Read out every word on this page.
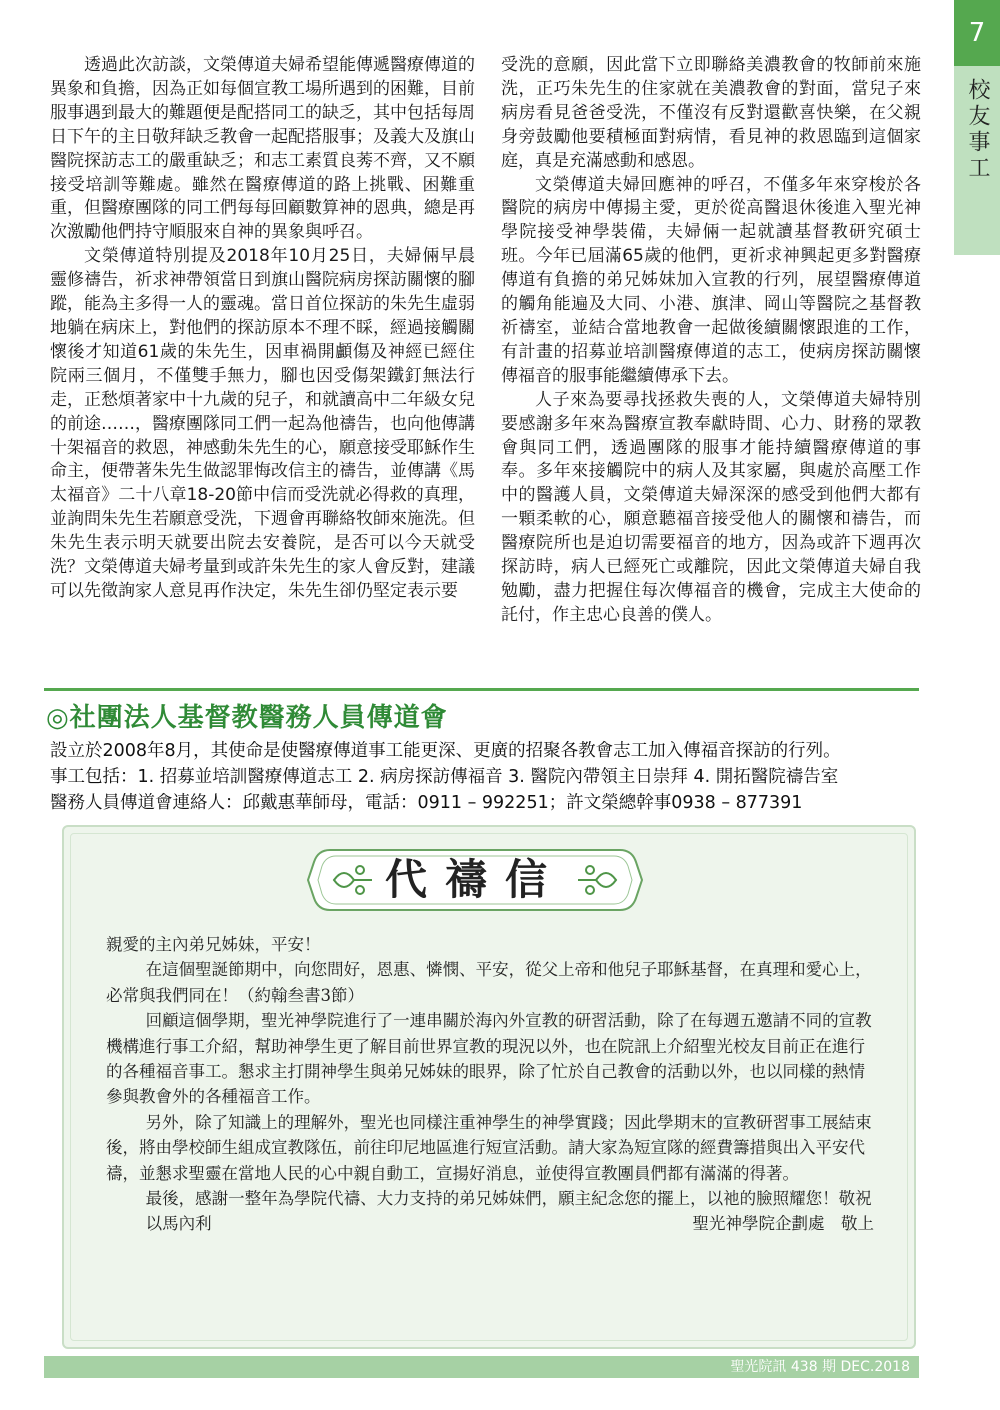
7
校友事工

透過此次訪談，文榮傳道夫婦希望能傳遞醫療傳道的異象和負擔，因為正如每個宣教工場所遇到的困難，目前服事遇到最大的難題便是配搭同工的缺乏，其中包括每周日下午的主日敬拜缺乏教會一起配搭服事；及義大及旗山醫院探訪志工的嚴重缺乏；和志工素質良莠不齊，又不願接受培訓等難處。雖然在醫療傳道的路上挑戰、困難重重，但醫療團隊的同工們每每回顧數算神的恩典，總是再次激勵他們持守順服來自神的異象與呼召。

文榮傳道特別提及2018年10月25日，夫婦倆早晨靈修禱告，祈求神帶領當日到旗山醫院病房探訪關懷的腳蹤，能為主多得一人的靈魂。當日首位探訪的朱先生虛弱地躺在病床上，對他們的探訪原本不理不睬，經過接觸關懷後才知道61歲的朱先生，因車禍開顱傷及神經已經住院兩三個月，不僅雙手無力，腳也因受傷架鐵釘無法行走，正愁煩著家中十九歲的兒子，和就讀高中二年級女兒的前途……，醫療團隊同工們一起為他禱告，也向他傳講十架福音的救恩，神感動朱先生的心，願意接受耶穌作生命主，便帶著朱先生做認罪悔改信主的禱告，並傳講《馬太福音》二十八章18-20節中信而受洗就必得救的真理，並詢問朱先生若願意受洗，下週會再聯絡牧師來施洗。但朱先生表示明天就要出院去安養院，是否可以今天就受洗？文榮傳道夫婦考量到或許朱先生的家人會反對，建議可以先徵詢家人意見再作決定，朱先生卻仍堅定表示要

受洗的意願，因此當下立即聯絡美濃教會的牧師前來施洗，正巧朱先生的住家就在美濃教會的對面，當兒子來病房看見爸爸受洗，不僅沒有反對還歡喜快樂，在父親身旁鼓勵他要積極面對病情，看見神的救恩臨到這個家庭，真是充滿感動和感恩。

文榮傳道夫婦回應神的呼召，不僅多年來穿梭於各醫院的病房中傳揚主愛，更於從高醫退休後進入聖光神學院接受神學裝備，夫婦倆一起就讀基督教研究碩士班。今年已屆滿65歲的他們，更祈求神興起更多對醫療傳道有負擔的弟兄姊妹加入宣教的行列，展望醫療傳道的觸角能遍及大同、小港、旗津、岡山等醫院之基督教祈禱室，並結合當地教會一起做後續關懷跟進的工作，有計畫的招募並培訓醫療傳道的志工，使病房探訪關懷傳福音的服事能繼續傳承下去。

人子來為要尋找拯救失喪的人，文榮傳道夫婦特別要感謝多年來為醫療宣教奉獻時間、心力、財務的眾教會與同工們，透過團隊的服事才能持續醫療傳道的事奉。多年來接觸院中的病人及其家屬，與處於高壓工作中的醫護人員，文榮傳道夫婦深深的感受到他們大都有一顆柔軟的心，願意聽福音接受他人的關懷和禱告，而醫療院所也是迫切需要福音的地方，因為或許下週再次探訪時，病人已經死亡或離院，因此文榮傳道夫婦自我勉勵，盡力把握住每次傳福音的機會，完成主大使命的託付，作主忠心良善的僕人。

◎社團法人基督教醫務人員傳道會
設立於2008年8月，其使命是使醫療傳道事工能更深、更廣的招聚各教會志工加入傳福音探訪的行列。
事工包括：1. 招募並培訓醫療傳道志工 2. 病房探訪傳福音 3. 醫院內帶領主日崇拜 4. 開拓醫院禱告室
醫務人員傳道會連絡人：邱戴惠華師母，電話：0911 – 992251；許文榮總幹事0938 – 877391
代禱信

親愛的主內弟兄姊妹，平安！

在這個聖誕節期中，向您問好，恩惠、憐憫、平安，從父上帝和他兒子耶穌基督，在真理和愛心上，必常與我們同在！（約翰叁書3節）

回顧這個學期，聖光神學院進行了一連串關於海內外宣教的研習活動，除了在每週五邀請不同的宣教機構進行事工介紹，幫助神學生更了解目前世界宣教的現況以外，也在院訊上介紹聖光校友目前正在進行的各種福音事工。懇求主打開神學生與弟兄姊妹的眼界，除了忙於自己教會的活動以外，也以同樣的熱情參與教會外的各種福音工作。

另外，除了知識上的理解外，聖光也同樣注重神學生的神學實踐；因此學期末的宣教研習事工展結束後，將由學校師生組成宣教隊伍，前往印尼地區進行短宣活動。請大家為短宣隊的經費籌措與出入平安代禱，並懇求聖靈在當地人民的心中親自動工，宣揚好消息，並使得宣教團員們都有滿滿的得著。

最後，感謝一整年為學院代禱、大力支持的弟兄姊妹們，願主紀念您的擺上，以祂的臉照耀您！敬祝

以馬內利	聖光神學院企劃處　敬上
聖光院訊 438 期 DEC.2018
